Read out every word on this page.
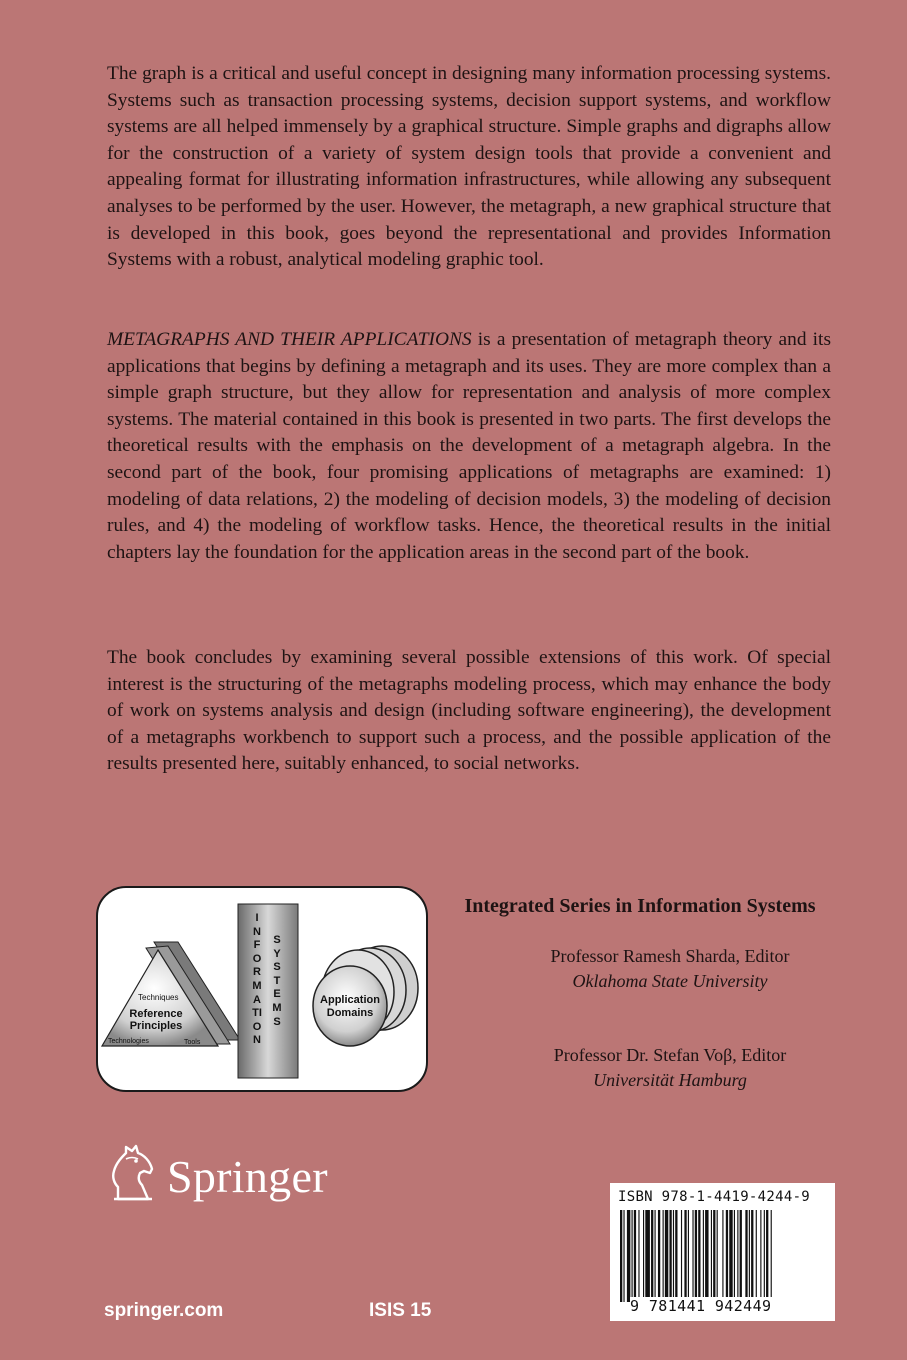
The graph is a critical and useful concept in designing many information processing systems. Systems such as transaction processing systems, decision support systems, and workflow systems are all helped immensely by a graphical structure. Simple graphs and digraphs allow for the construction of a variety of system design tools that provide a convenient and appealing format for illustrating information infrastructures, while allowing any subsequent analyses to be performed by the user. However, the metagraph, a new graphical structure that is developed in this book, goes beyond the representational and provides Information Systems with a robust, analytical modeling graphic tool.

METAGRAPHS AND THEIR APPLICATIONS is a presentation of metagraph theory and its applications that begins by defining a metagraph and its uses. They are more complex than a simple graph structure, but they allow for representation and analysis of more complex systems. The material contained in this book is presented in two parts. The first develops the theoretical results with the emphasis on the development of a metagraph algebra. In the second part of the book, four promising applications of metagraphs are examined: 1) modeling of data relations, 2) the modeling of decision models, 3) the modeling of decision rules, and 4) the modeling of workflow tasks. Hence, the theoretical results in the initial chapters lay the foundation for the application areas in the second part of the book.

The book concludes by examining several possible extensions of this work. Of special interest is the structuring of the metagraphs modeling process, which may enhance the body of work on systems analysis and design (including software engineering), the development of a metagraphs workbench to support such a process, and the possible application of the results presented here, suitably enhanced, to social networks.

Techniques
Reference Principles
Technologies	Tools
INFORMATION
SYSTEMS
Application Domains
Integrated Series in Information Systems
Professor Ramesh Sharda, Editor
Oklahoma State University
Professor Dr. Stefan Voβ, Editor
Universität Hamburg
Springer
springer.com	ISIS 15
ISBN 978-1-4419-4244-9
9 781441 942449
